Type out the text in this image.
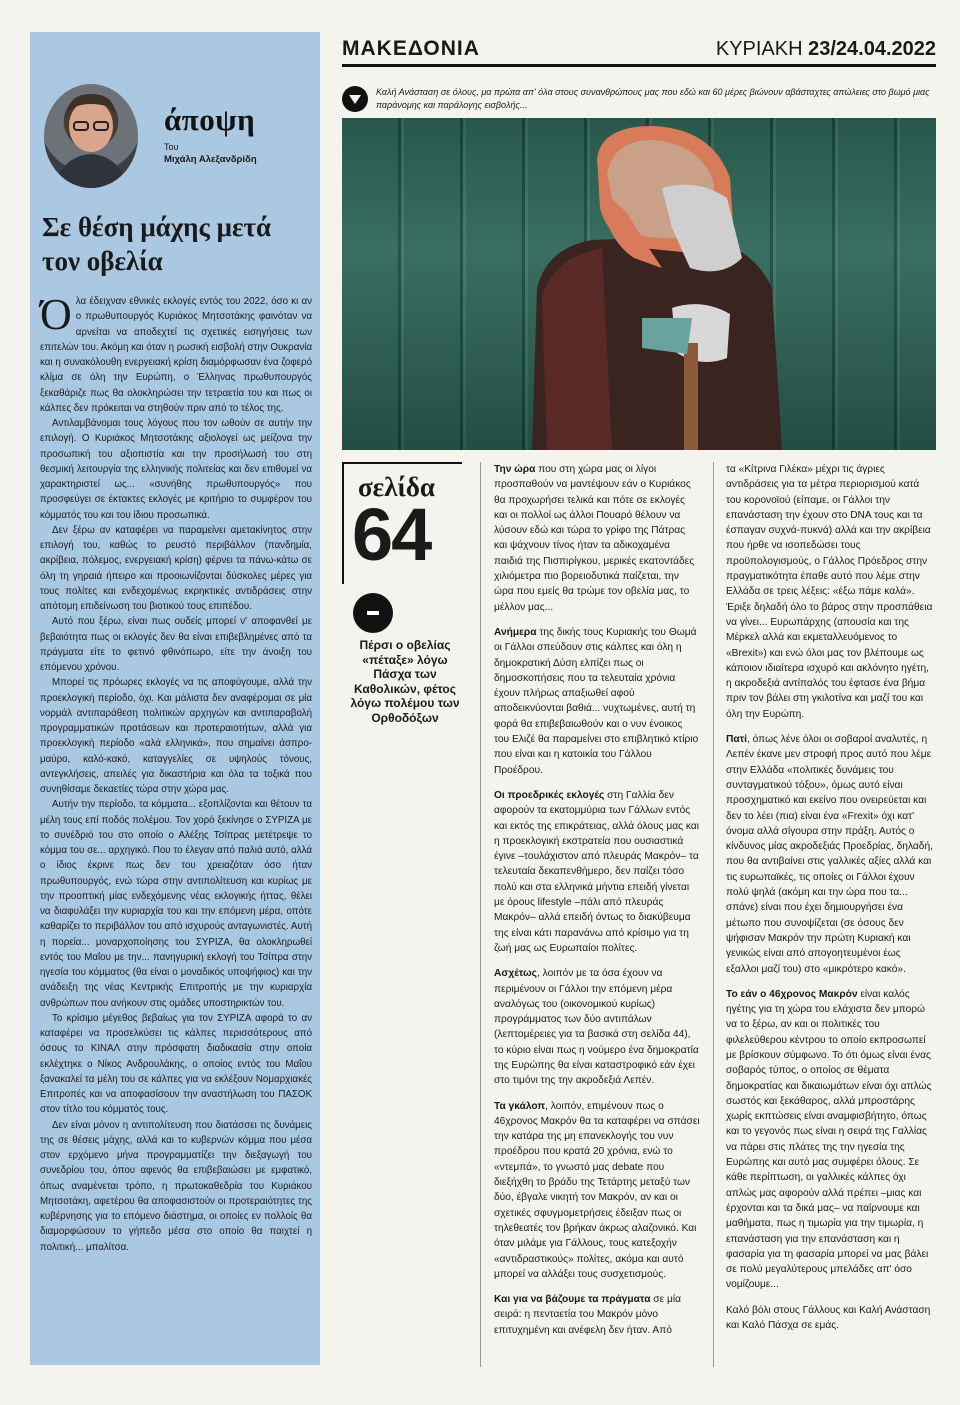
άποψη
Του
Μιχάλη Αλεξανδρίδη
Σε θέση μάχης μετά τον οβελία

Όλα έδειχναν εθνικές εκλογές εντός του 2022, όσο κι αν ο πρωθυπουργός Κυριάκος Μητσοτάκης φαινόταν να αρνείται να αποδεχτεί τις σχετικές εισηγήσεις των επιτελών του. Ακόμη και όταν η ρωσική εισβολή στην Ουκρανία και η συνακόλουθη ενεργειακή κρίση διαμόρφωσαν ένα ζοφερό κλίμα σε όλη την Ευρώπη, ο Έλληνας πρωθυπουργός ξεκαθάριζε πως θα ολοκληρώσει την τετραετία του και πως οι κάλπες δεν πρόκειται να στηθούν πριν από το τέλος της.

Αντιλαμβάνομαι τους λόγους που τον ωθούν σε αυτήν την επιλογή. Ο Κυριάκος Μητσοτάκης αξιολογεί ως μείζονα την προσωπική του αξιοπιστία και την προσήλωσή του στη θεσμική λειτουργία της ελληνικής πολιτείας και δεν επιθυμεί να χαρακτηριστεί ως... «συνήθης πρωθυπουργός» που προσφεύγει σε έκτακτες εκλογές με κριτήριο το συμφέρον του κόμματός του και του ίδιου προσωπικά.

Δεν ξέρω αν καταφέρει να παραμείνει αμετακίνητος στην επιλογή του, καθώς το ρευστό περιβάλλον (πανδημία, ακρίβεια, πόλεμος, ενεργειακή κρίση) φέρνει τα πάνω-κάτω σε όλη τη γηραιά ήπειρο και προοιωνίζονται δύσκολες μέρες για τους πολίτες και ενδεχομένως εκρηκτικές αντιδράσεις στην απότομη επιδείνωση του βιοτικού τους επιπέδου.

Αυτό που ξέρω, είναι πως ουδείς μπορεί ν' αποφανθεί με βεβαιότητα πως οι εκλογές δεν θα είναι επιβεβλημένες από τα πράγματα είτε το φετινό φθινόπωρο, είτε την άνοιξη του επόμενου χρόνου.

Μπορεί τις πρόωρες εκλογές να τις αποφύγουμε, αλλά την προεκλογική περίοδο, όχι. Και μάλιστα δεν αναφέρομαι σε μία νορμάλ αντιπαράθεση πολιτικών αρχηγών και αντιπαραβολή προγραμματικών προτάσεων και προτεραιοτήτων, αλλά για προεκλογική περίοδο «αλά ελληνικά», που σημαίνει άσπρο-μαύρο, καλό-κακό, καταγγελίες σε υψηλούς τόνους, αντεγκλήσεις, απειλές για δικαστήρια και όλα τα τοξικά που συνηθίσαμε δεκαετίες τώρα στην χώρα μας.

Αυτήν την περίοδο, τα κόμματα... εξοπλίζονται και θέτουν τα μέλη τους επί ποδός πολέμου. Τον χορό ξεκίνησε ο ΣΥΡΙΖΑ με το συνέδριό του στο οποίο ο Αλέξης Τσίπρας μετέτρεψε το κόμμα του σε... αρχηγικό. Που το έλεγαν από παλιά αυτό, αλλά ο ίδιος έκρινε πως δεν του χρειαζόταν όσο ήταν πρωθυπουργός, ενώ τώρα στην αντιπολίτευση και κυρίως με την προοπτική μίας ενδεχόμενης νέας εκλογικής ήττας, θέλει να διαφυλάξει την κυριαρχία του και την επόμενη μέρα, οπότε καθαρίζει το περιβάλλον του από ισχυρούς ανταγωνιστές. Αυτή η πορεία... μοναρχοποίησης του ΣΥΡΙΖΑ, θα ολοκληρωθεί εντός του Μαΐου με την... πανηγυρική εκλογή του Τσίπρα στην ηγεσία του κόμματος (θα είναι ο μοναδικός υποψήφιος) και την ανάδειξη της νέας Κεντρικής Επιτροπής με την κυριαρχία ανθρώπων που ανήκουν στις ομάδες υποστηρικτών του.

Το κρίσιμο μέγεθος βεβαίως για τον ΣΥΡΙΖΑ αφορά το αν καταφέρει να προσελκύσει τις κάλπες περισσότερους από όσους το ΚΙΝΑΛ στην πρόσφατη διαδικασία στην οποία εκλέχτηκε ο Νίκος Ανδρουλάκης, ο οποίος εντός του Μαΐου ξανακαλεί τα μέλη του σε κάλπες για να εκλέξουν Νομαρχιακές Επιτροπές και να αποφασίσουν την αναστήλωση του ΠΑΣΟΚ στον τίτλο του κόμματός τους.

Δεν είναι μόνον η αντιπολίτευση που διατάσσει τις δυνάμεις της σε θέσεις μάχης, αλλά και το κυβερνών κόμμα που μέσα στον ερχόμενο μήνα προγραμματίζει την διεξαγωγή του συνεδρίου του, όπου αφενός θα επιβεβαιώσει με εμφατικό, όπως αναμένεται τρόπο, η πρωτοκαθεδρία του Κυριάκου Μητσοτάκη, αφετέρου θα αποφασιστούν οι προτεραιότητες της κυβέρνησης για το επόμενο διάστημα, οι οποίες εν πολλοίς θα διαμορφώσουν το γήπεδο μέσα στο οποίο θα παιχτεί η πολιτική... μπαλίτσα.

ΜΑΚΕΔΟΝΙΑ	ΚΥΡΙΑΚΗ 23/24.04.2022
Καλή Ανάσταση σε όλους, μα πρώτα απ' όλα στους συνανθρώπους μας που εδώ και 60 μέρες βιώνουν αβάσταχτες απώλειες στο βωμό μιας παράνομης και παράλογης εισβολής...
σελίδα
64
Πέρσι ο οβελίας «πέταξε» λόγω Πάσχα των Καθολικών, φέτος λόγω πολέμου των Ορθοδόξων

Την ώρα που στη χώρα μας οι λίγοι προσπαθούν να μαντέψουν εάν ο Κυριάκος θα προχωρήσει τελικά και πότε σε εκλογές και οι πολλοί ως άλλοι Πουαρό θέλουν να λύσουν εδώ και τώρα το γρίφο της Πάτρας και ψάχνουν τίνος ήταν τα αδικοχαμένα παιδιά της Πισπιρίγκου, μερικές εκατοντάδες χιλιόμετρα πιο βορειοδυτικά παίζεται, την ώρα που εμείς θα τρώμε τον οβελία μας, το μέλλον μας...

Ανήμερα της δικής τους Κυριακής του Θωμά οι Γάλλοι σπεύδουν στις κάλπες και όλη η δημοκρατική Δύση ελπίζει πως οι δημοσκοπήσεις που τα τελευταία χρόνια έχουν πλήρως απαξιωθεί αφού αποδεικνύονται βαθιά... νυχτωμένες, αυτή τη φορά θα επιβεβαιωθούν και ο νυν ένοικος του Ελιζέ θα παραμείνει στο επιβλητικό κτίριο που είναι και η κατοικία του Γάλλου Προέδρου.

Οι προεδρικές εκλογές στη Γαλλία δεν αφορούν τα εκατομμύρια των Γάλλων εντός και εκτός της επικράτειας, αλλά όλους μας και η προεκλογική εκστρατεία που ουσιαστικά έγινε –τουλάχιστον από πλευράς Μακρόν– τα τελευταία δεκαπενθήμερο, δεν παίζει τόσο πολύ και στα ελληνικά μήντια επειδή γίνεται με όρους lifestyle –πάλι από πλευράς Μακρόν– αλλά επειδή όντως το διακύβευμα της είναι κάτι παρανάνω από κρίσιμο για τη ζωή μας ως Ευρωπαίοι πολίτες.

Ασχέτως, λοιπόν με τα όσα έχουν να περιμένουν οι Γάλλοι την επόμενη μέρα αναλόγως του (οικονομικού κυρίως) προγράμματος των δύο αντιπάλων (λεπτομέρειες για τα βασικά στη σελίδα 44), το κύριο είναι πως η νούμερο ένα δημοκρατία της Ευρώπης θα είναι καταστροφικό εάν έχει στο τιμόνι της την ακροδεξιά Λεπέν.

Τα γκάλοπ, λοιπόν, επιμένουν πως ο 46χρονος Μακρόν θα τα καταφέρει να σπάσει την κατάρα της μη επανεκλογής του νυν προέδρου που κρατά 20 χρόνια, ενώ το «ντεμπά», το γνωστό μας debate που διεξήχθη το βράδυ της Τετάρτης μεταξύ των δύο, έβγαλε νικητή τον Μακρόν, αν και οι σχετικές σφυγμομετρήσεις έδειξαν πως οι τηλεθεατές τον βρήκαν άκρως αλαζονικό. Και όταν μιλάμε για Γάλλους, τους κατεξοχήν «αντιδραστικούς» πολίτες, ακόμα και αυτό μπορεί να αλλάξει τους συσχετισμούς.

Και για να βάζουμε τα πράγματα σε μία σειρά: η πενταετία του Μακρόν μόνο επιτυχημένη και ανέφελη δεν ήταν. Από

τα «Κίτρινα Γιλέκα» μέχρι τις άγριες αντιδράσεις για τα μέτρα περιορισμού κατά του κορονοϊού (είπαμε, οι Γάλλοι την επανάσταση την έχουν στο DNA τους και τα έσπαγαν συχνά-πυκνά) αλλά και την ακρίβεια που ήρθε να ισοπεδώσει τους προϋπολογισμούς, ο Γάλλος Πρόεδρος στην πραγματικότητα έπαθε αυτό που λέμε στην Ελλάδα σε τρεις λέξεις: «έξω πάμε καλά». Έριξε δηλαδή όλο το βάρος στην προσπάθεια να γίνει... Ευρωπάρχης (απουσία και της Μέρκελ αλλά και εκμεταλλευόμενος το «Brexit») και ενώ όλοι μας τον βλέπουμε ως κάποιον ιδιαίτερα ισχυρό και ακλόνητο ηγέτη, η ακροδεξιά αντίπαλός του έφτασε ένα βήμα πριν τον βάλει στη γκιλοτίνα και μαζί του και όλη την Ευρώπη.

Πατί, όπως λένε όλοι οι σοβαροί αναλυτές, η Λεπέν έκανε μεν στροφή προς αυτό που λέμε στην Ελλάδα «πολιτικές δυνάμεις του συνταγματικού τόξου», όμως αυτό είναι προσχηματικό και εκείνο που ονειρεύεται και δεν το λέει (πια) είναι ένα «Frexit» όχι κατ' όνομα αλλά σίγουρα στην πράξη. Αυτός ο κίνδυνος μίας ακροδεξιάς Προεδρίας, δηλαδή, που θα αντιβαίνει στις γαλλικές αξίες αλλά και τις ευρωπαϊκές, τις οποίες οι Γάλλοι έχουν πολύ ψηλά (ακόμη και την ώρα που τα... σπάνε) είναι που έχει δημιουργήσει ένα μέτωπο που συνοψίζεται (σε όσους δεν ψήφισαν Μακρόν την πρώτη Κυριακή και γενικώς είναι από απογοητευμένοι έως εξαλλοι μαζί του) στο «μικρότερο κακό».

Το εάν ο 46χρονος Μακρόν είναι καλός ηγέτης για τη χώρα του ελάχιστα δεν μπορώ να το ξέρω, αν και οι πολιτικές του φιλελεύθερου κέντρου το οποίο εκπροσωπεί με βρίσκουν σύμφωνο. Το ότι όμως είναι ένας σοβαρός τύπος, ο οποίος σε θέματα δημοκρατίας και δικαιωμάτων είναι όχι απλώς σωστός και ξεκάθαρος, αλλά μπροστάρης χωρίς εκπτώσεις είναι αναμφισβήτητο, όπως και το γεγονός πως είναι η σειρά της Γαλλίας να πάρει στις πλάτες της την ηγεσία της Ευρώπης και αυτό μας συμφέρει όλους. Σε κάθε περίπτωση, οι γαλλικές κάλπες όχι απλώς μας αφορούν αλλά πρέπει –μιας και έρχονται και τα δικά μας– να παίρνουμε και μαθήματα, πως η τιμωρία για την τιμωρία, η επανάσταση για την επανάσταση και η φασαρία για τη φασαρία μπορεί να μας βάλει σε πολύ μεγαλύτερους μπελάδες απ' όσο νομίζουμε...

Καλό βόλι στους Γάλλους και Καλή Ανάσταση και Καλό Πάσχα σε εμάς.
